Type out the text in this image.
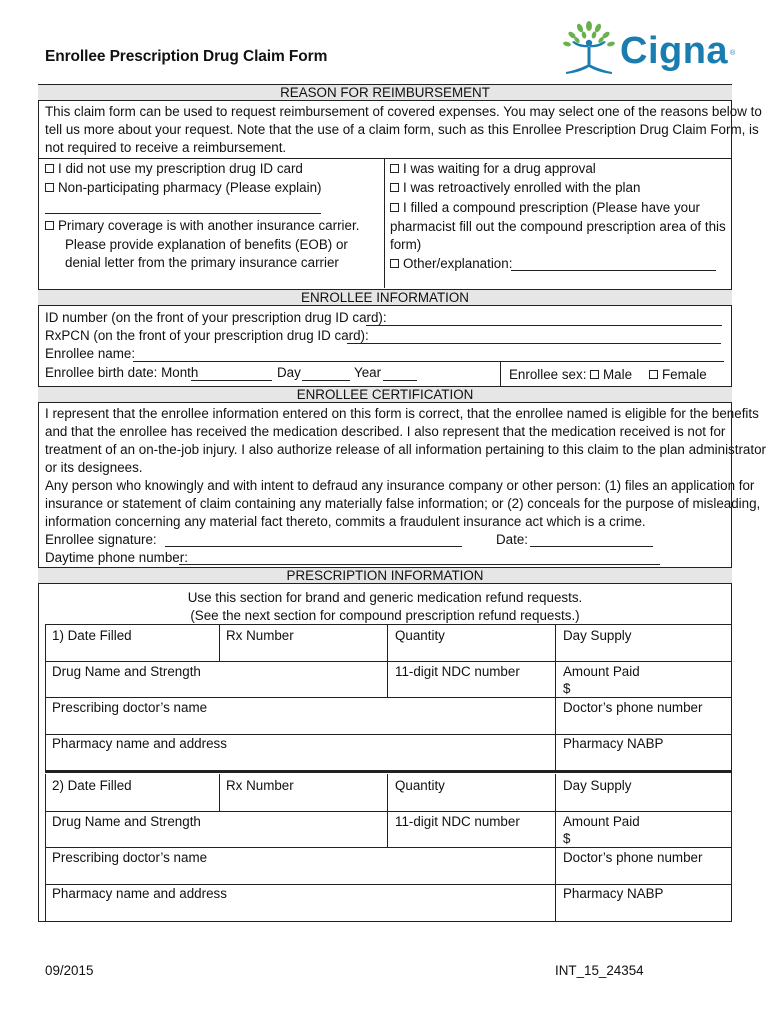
Enrollee Prescription Drug Claim Form	Cigna ®
REASON FOR REIMBURSEMENT
This claim form can be used to request reimbursement of covered expenses. You may select one of the reasons below to
tell us more about your request. Note that the use of a claim form, such as this Enrollee Prescription Drug Claim Form, is
not required to receive a reimbursement.
I did not use my prescription drug ID card
Non-participating pharmacy (Please explain)
Primary coverage is with another insurance carrier.
Please provide explanation of benefits (EOB) or
denial letter from the primary insurance carrier
I was waiting for a drug approval
I was retroactively enrolled with the plan
I filled a compound prescription (Please have your
pharmacist fill out the compound prescription area of this
form)
Other/explanation:
ENROLLEE INFORMATION
ID number (on the front of your prescription drug ID card):
RxPCN (on the front of your prescription drug ID card):
Enrollee name:
Enrollee birth date: Month	Day	Year	Enrollee sex:	Male	Female
ENROLLEE CERTIFICATION
I represent that the enrollee information entered on this form is correct, that the enrollee named is eligible for the benefits
and that the enrollee has received the medication described. I also represent that the medication received is not for
treatment of an on-the-job injury. I also authorize release of all information pertaining to this claim to the plan administrator
or its designees.
Any person who knowingly and with intent to defraud any insurance company or other person: (1) files an application for
insurance or statement of claim containing any materially false information; or (2) conceals for the purpose of misleading,
information concerning any material fact thereto, commits a fraudulent insurance act which is a crime.
Enrollee signature:	Date:
Daytime phone number:
PRESCRIPTION INFORMATION
Use this section for brand and generic medication refund requests.
(See the next section for compound prescription refund requests.)
1) Date Filled	Rx Number	Quantity	Day Supply
Drug Name and Strength	11-digit NDC number	Amount Paid
$
Prescribing doctor’s name	Doctor’s phone number
Pharmacy name and address	Pharmacy NABP
2) Date Filled	Rx Number	Quantity	Day Supply
Drug Name and Strength	11-digit NDC number	Amount Paid
$
Prescribing doctor’s name	Doctor’s phone number
Pharmacy name and address	Pharmacy NABP
09/2015	INT_15_24354
